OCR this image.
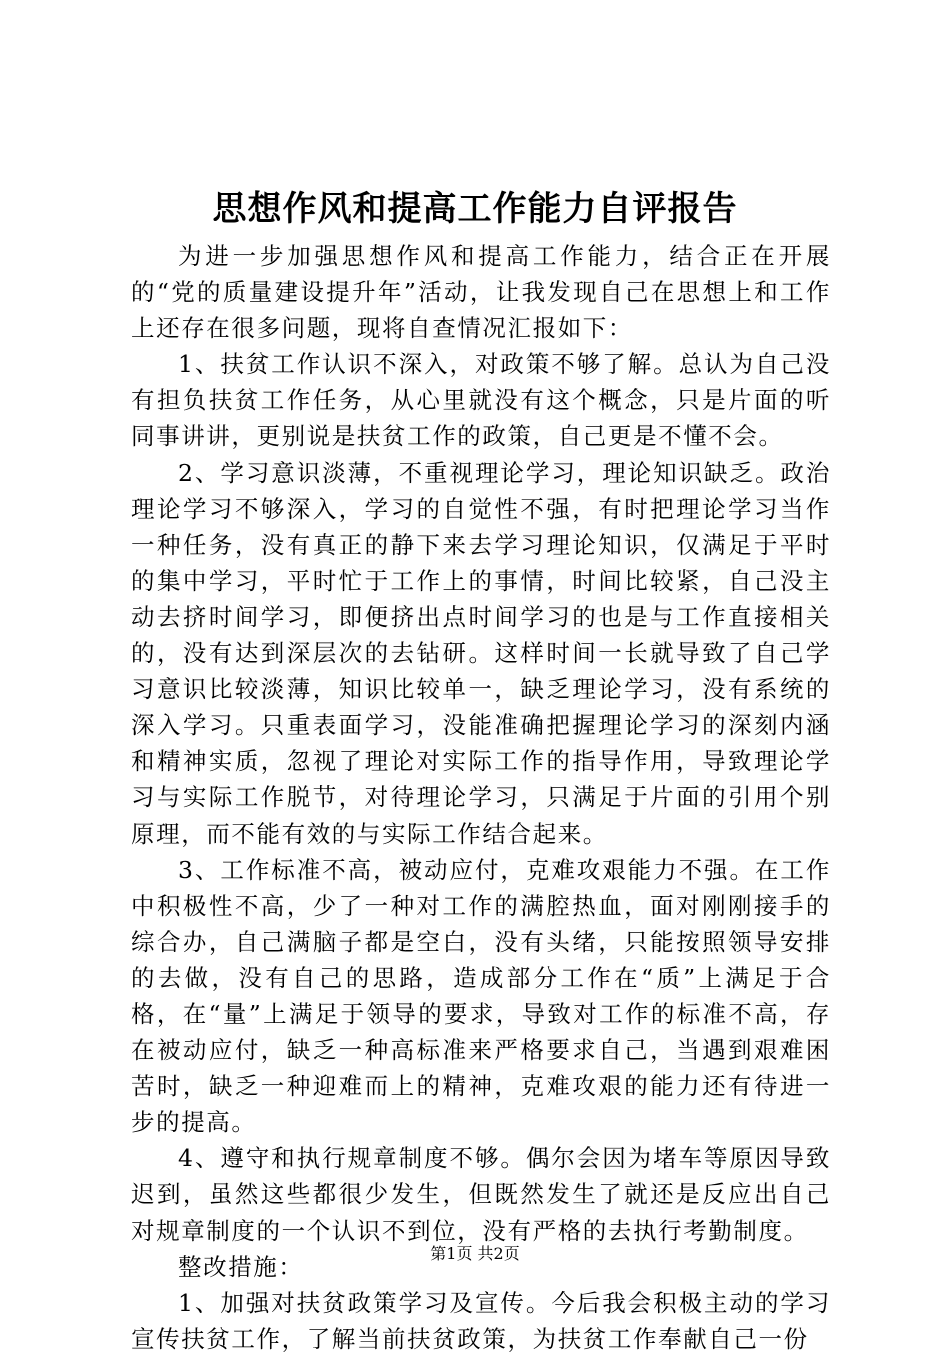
思想作风和提高工作能力自评报告

为进一步加强思想作风和提高工作能力，结合正在开展的“党的质量建设提升年”活动，让我发现自己在思想上和工作上还存在很多问题，现将自查情况汇报如下：

1、扶贫工作认识不深入，对政策不够了解。总认为自己没有担负扶贫工作任务，从心里就没有这个概念，只是片面的听同事讲讲，更别说是扶贫工作的政策，自己更是不懂不会。

2、学习意识淡薄，不重视理论学习，理论知识缺乏。政治理论学习不够深入，学习的自觉性不强，有时把理论学习当作一种任务，没有真正的静下来去学习理论知识，仅满足于平时的集中学习，平时忙于工作上的事情，时间比较紧，自己没主动去挤时间学习，即便挤出点时间学习的也是与工作直接相关的，没有达到深层次的去钻研。这样时间一长就导致了自己学习意识比较淡薄，知识比较单一，缺乏理论学习，没有系统的深入学习。只重表面学习，没能准确把握理论学习的深刻内涵和精神实质，忽视了理论对实际工作的指导作用，导致理论学习与实际工作脱节，对待理论学习，只满足于片面的引用个别原理，而不能有效的与实际工作结合起来。

3、工作标准不高，被动应付，克难攻艰能力不强。在工作中积极性不高，少了一种对工作的满腔热血，面对刚刚接手的综合办，自己满脑子都是空白，没有头绪，只能按照领导安排的去做，没有自己的思路，造成部分工作在“质”上满足于合格，在“量”上满足于领导的要求，导致对工作的标准不高，存在被动应付，缺乏一种高标准来严格要求自己，当遇到艰难困苦时，缺乏一种迎难而上的精神，克难攻艰的能力还有待进一步的提高。

4、遵守和执行规章制度不够。偶尔会因为堵车等原因导致迟到，虽然这些都很少发生，但既然发生了就还是反应出自己对规章制度的一个认识不到位，没有严格的去执行考勤制度。

整改措施：

1、加强对扶贫政策学习及宣传。今后我会积极主动的学习宣传扶贫工作，了解当前扶贫政策，为扶贫工作奉献自己一份

第1页 共2页
